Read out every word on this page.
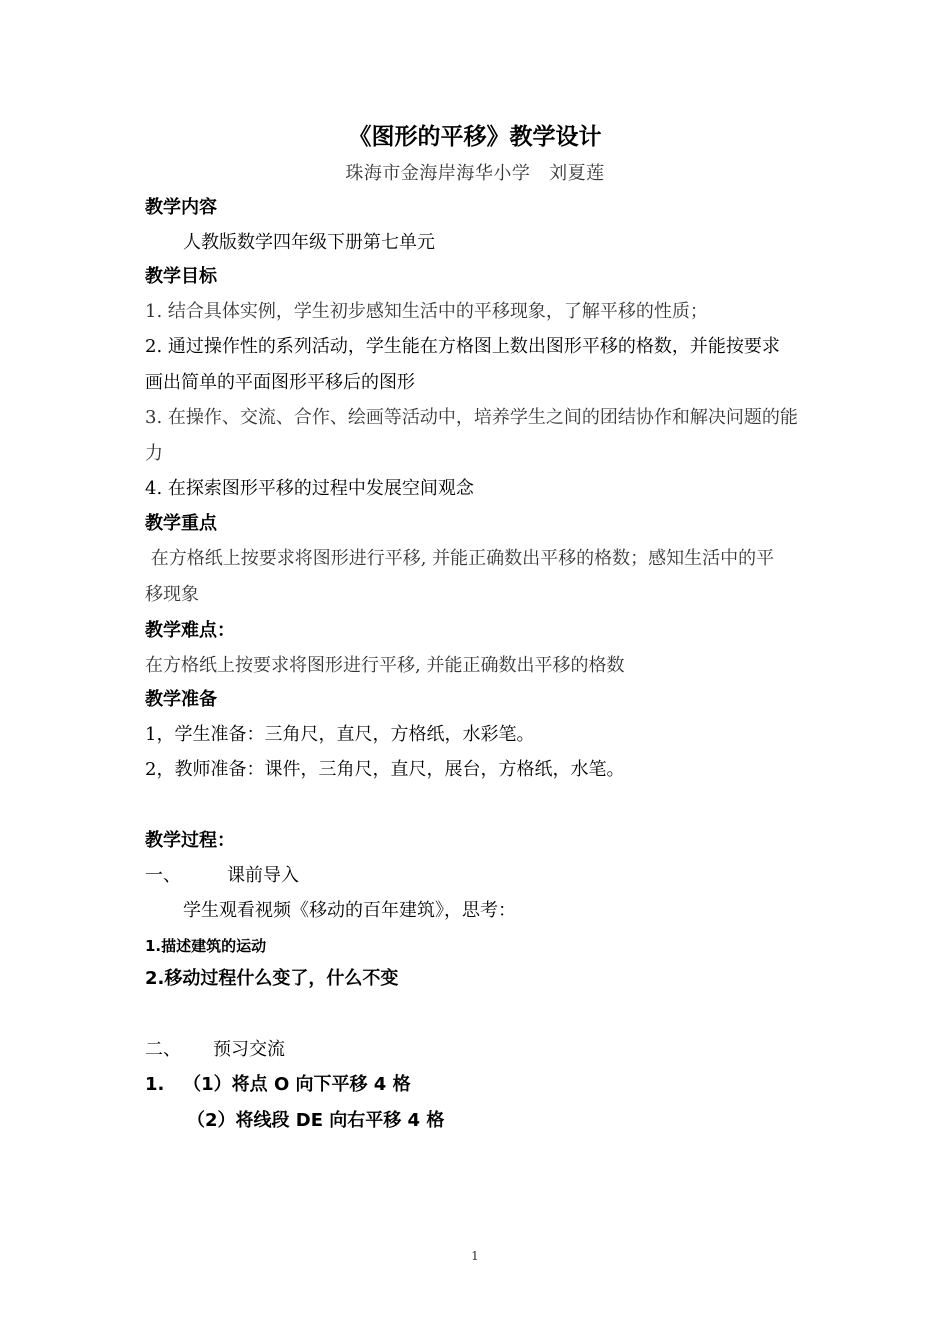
《图形的平移》教学设计
珠海市金海岸海华小学   刘夏莲
教学内容
人教版数学四年级下册第七单元
教学目标
1. 结合具体实例，学生初步感知生活中的平移现象，了解平移的性质；
2. 通过操作性的系列活动，学生能在方格图上数出图形平移的格数，并能按要求
画出简单的平面图形平移后的图形
3. 在操作、交流、合作、绘画等活动中，培养学生之间的团结协作和解决问题的能
力
4. 在探索图形平移的过程中发展空间观念
教学重点
在方格纸上按要求将图形进行平移, 并能正确数出平移的格数；感知生活中的平
移现象
教学难点：
在方格纸上按要求将图形进行平移, 并能正确数出平移的格数
教学准备
1，学生准备：三角尺，直尺，方格纸，水彩笔。
2，教师准备：课件，三角尺，直尺，展台，方格纸，水笔。
教学过程：
一、	课前导入
学生观看视频《移动的百年建筑》，思考：
1.描述建筑的运动
2.移动过程什么变了，什么不变
二、 预习交流
1.   （1）将点 O 向下平移 4 格
（2）将线段 DE 向右平移 4 格
1
